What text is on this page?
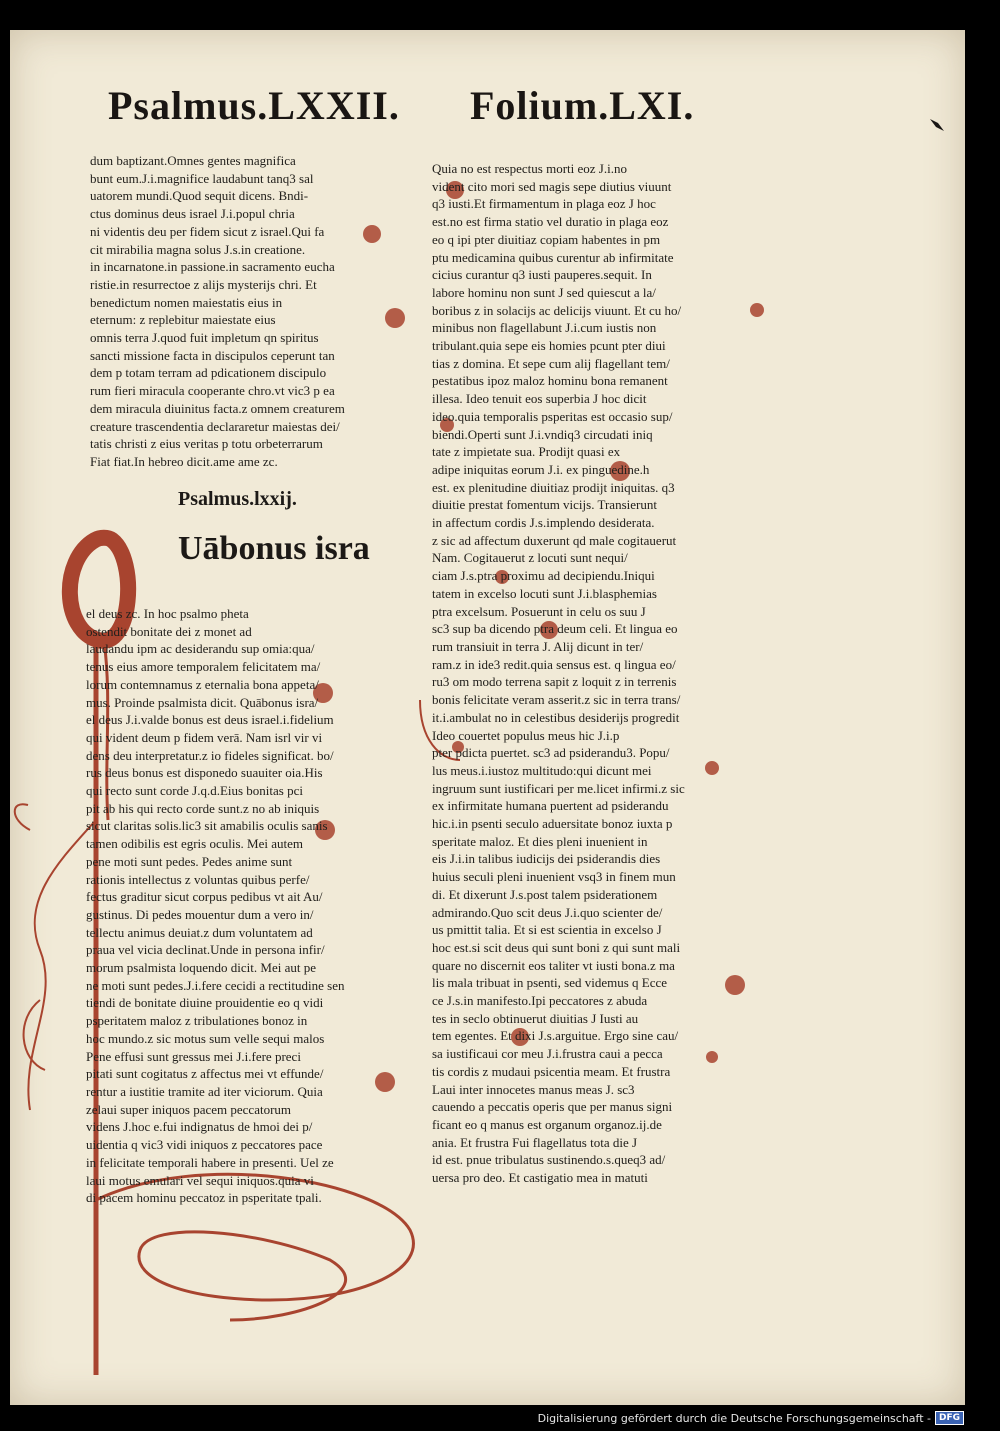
Psalmus.LXXII. Folium.LXI.
dum baptizant.Omnes gentes magnifica
bunt eum.J.i.magnifice laudabunt tanq3 sal
uatorem mundi.Quod sequit dicens. Bndi-
ctus dominus deus israel J.i.popul chria
ni videntis deu per fidem sicut z israel.Qui fa
cit mirabilia magna solus J.s.in creatione.
in incarnatone.in passione.in sacramento eucha
ristie.in resurrectoe z alijs mysterijs chri. Et
benedictum nomen maiestatis eius in
eternum: z replebitur maiestate eius
omnis terra J.quod fuit impletum qn spiritus
sancti missione facta in discipulos ceperunt tan
dem p totam terram ad pdicationem discipulo
rum fieri miracula cooperante chro.vt vic3 p ea
dem miracula diuinitus facta.z omnem creaturem
creature trascendentia declararetur maiestas dei/
tatis christi z eius veritas p totu orbeterrarum
Fiat fiat.In hebreo dicit.ame ame zc.
Psalmus.lxxij.
Uābonus isra
el deus zc. In hoc psalmo pheta
ostendit bonitate dei z monet ad
laudandu ipm ac desiderandu sup omia:qua/
tenus eius amore temporalem felicitatem ma/
lorum contemnamus z eternalia bona appeta/
mus. Proinde psalmista dicit. Quābonus isra/
el deus J.i.valde bonus est deus israel.i.fidelium
qui vident deum p fidem verā. Nam isrl vir vi
dens deu interpretatur.z io fideles significat. bo/
rus deus bonus est disponedo suauiter oia.His
qui recto sunt corde J.q.d.Eius bonitas pci
pit ab his qui recto corde sunt.z no ab iniquis
sicut claritas solis.lic3 sit amabilis oculis sanis
tamen odibilis est egris oculis. Mei autem
pene moti sunt pedes. Pedes anime sunt
rationis intellectus z voluntas quibus perfe/
fectus graditur sicut corpus pedibus vt ait Au/
gustinus. Di pedes mouentur dum a vero in/
tellectu animus deuiat.z dum voluntatem ad
praua vel vicia declinat.Unde in persona infir/
morum psalmista loquendo dicit. Mei aut pe
ne moti sunt pedes.J.i.fere cecidi a rectitudine sen
tiendi de bonitate diuine prouidentie eo q vidi
psperitatem maloz z tribulationes bonoz in
hoc mundo.z sic motus sum velle sequi malos
Pene effusi sunt gressus mei J.i.fere preci
pitati sunt cogitatus z affectus mei vt effunde/
rentur a iustitie tramite ad iter viciorum. Quia
zelaui super iniquos pacem peccatorum
videns J.hoc e.fui indignatus de hmoi dei p/
uidentia q vic3 vidi iniquos z peccatores pace
in felicitate temporali habere in presenti. Uel ze
laui motus emulari vel sequi iniquos.quia vi
di pacem hominu peccatoz in psperitate tpali.
Quia no est respectus morti eoz J.i.no
vident cito mori sed magis sepe diutius viuunt
q3 iusti.Et firmamentum in plaga eoz J hoc
est.no est firma statio vel duratio in plaga eoz
eo q ipi pter diuitiaz copiam habentes in pm
ptu medicamina quibus curentur ab infirmitate
cicius curantur q3 iusti pauperes.sequit. In
labore hominu non sunt J sed quiescut a la/
boribus z in solacijs ac delicijs viuunt. Et cu ho/
minibus non flagellabunt J.i.cum iustis non
tribulant.quia sepe eis homies pcunt pter diui
tias z domina. Et sepe cum alij flagellant tem/
pestatibus ipoz maloz hominu bona remanent
illesa. Ideo tenuit eos superbia J hoc dicit
ideo.quia temporalis psperitas est occasio sup/
biendi.Operti sunt J.i.vndiq3 circudati iniq
tate z impietate sua. Prodijt quasi ex
adipe iniquitas eorum J.i. ex pinguedine.h
est. ex plenitudine diuitiaz prodijt iniquitas. q3
diuitie prestat fomentum vicijs. Transierunt
in affectum cordis J.s.implendo desiderata.
z sic ad affectum duxerunt qd male cogitauerut
Nam. Cogitauerut z locuti sunt nequi/
ciam J.s.ptra proximu ad decipiendu.Iniqui
tatem in excelso locuti sunt J.i.blasphemias
ptra excelsum. Posuerunt in celu os suu J
sc3 sup ba dicendo ptra deum celi. Et lingua eo
rum transiuit in terra J. Alij dicunt in ter/
ram.z in ide3 redit.quia sensus est. q lingua eo/
ru3 om modo terrena sapit z loquit z in terrenis
bonis felicitate veram asserit.z sic in terra trans/
it.i.ambulat no in celestibus desiderijs progredit
Ideo couertet populus meus hic J.i.p
pter pdicta puertet. sc3 ad psiderandu3. Popu/
lus meus.i.iustoz multitudo:qui dicunt mei
ingruum sunt iustificari per me.licet infirmi.z sic
ex infirmitate humana puertent ad psiderandu
hic.i.in psenti seculo aduersitate bonoz iuxta p
speritate maloz. Et dies pleni inuenient in
eis J.i.in talibus iudicijs dei psiderandis dies
huius seculi pleni inuenient vsq3 in finem mun
di. Et dixerunt J.s.post talem psiderationem
admirando.Quo scit deus J.i.quo scienter de/
us pmittit talia. Et si est scientia in excelso J
hoc est.si scit deus qui sunt boni z qui sunt mali
quare no discernit eos taliter vt iusti bona.z ma
lis mala tribuat in psenti, sed videmus q Ecce
ce J.s.in manifesto.Ipi peccatores z abuda
tes in seclo obtinuerut diuitias J Iusti au
tem egentes. Et dixi J.s.arguitue. Ergo sine cau/
sa iustificaui cor meu J.i.frustra caui a pecca
tis cordis z mudaui psicentia meam. Et frustra
Laui inter innocetes manus meas J. sc3
cauendo a peccatis operis que per manus signi
ficant eo q manus est organum organoz.ij.de
ania. Et frustra Fui flagellatus tota die J
id est. pnue tribulatus sustinendo.s.queq3 ad/
uersa pro deo. Et castigatio mea in matuti
Digitalisierung gefördert durch die Deutsche Forschungsgemeinschaft - DFG
